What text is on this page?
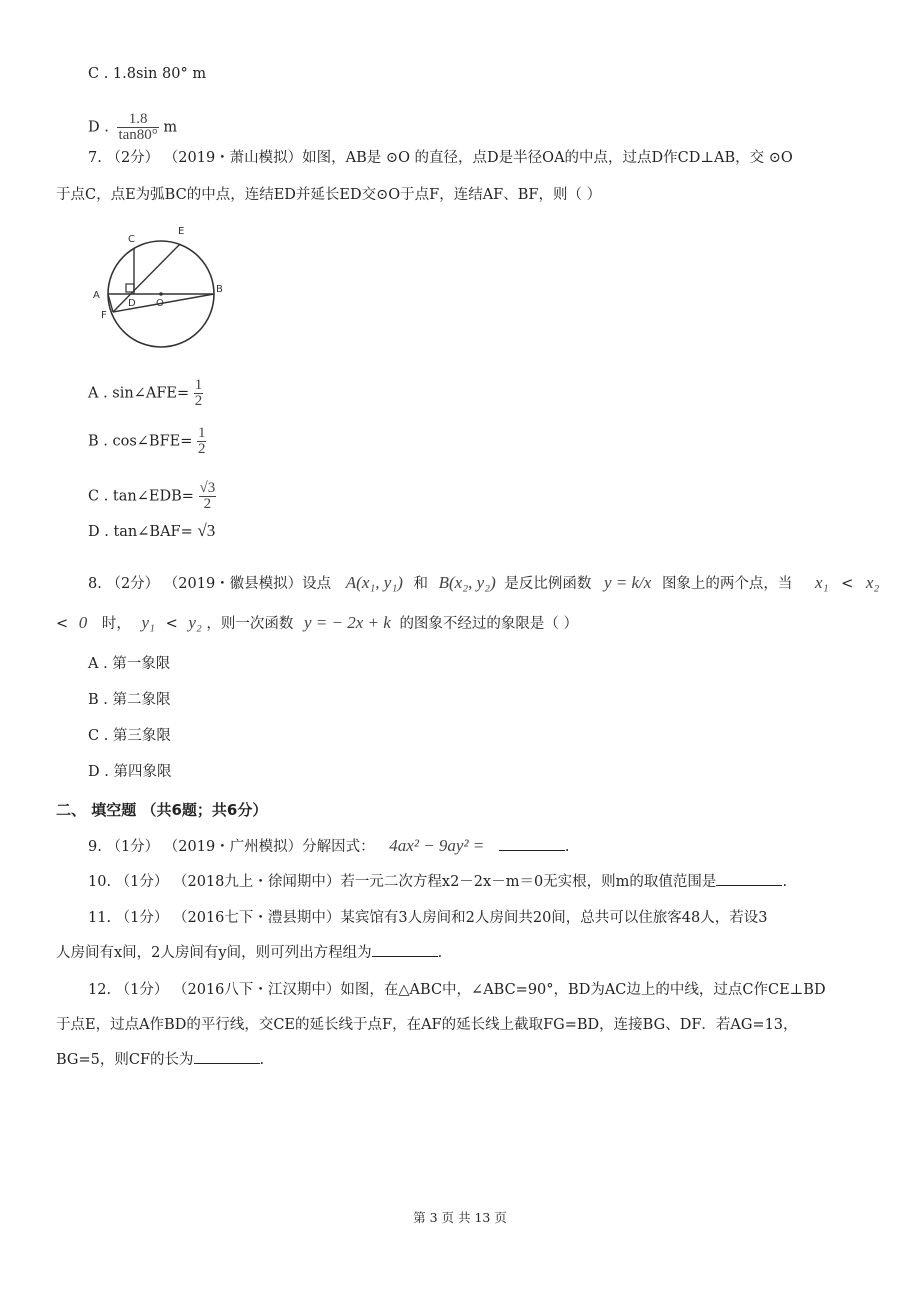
C . 1.8sin 80° m
D . $\frac{1.8}{\tan 80^\circ}$ m
7. （2分） （2019・萧山模拟）如图，AB是 ⊙O 的直径，点D是半径OA的中点，过点D作CD⊥AB，交 ⊙O
于点C，点E为弧BC的中点，连结ED并延长ED交⊙O于点F，连结AF、BF，则（ ）
A
B
C
D
E
F
O
A . sin∠AFE= $\frac{1}{2}$
B . cos∠BFE= $\frac{1}{2}$
C . tan∠EDB= $\frac{√3}{2}$
D . tan∠BAF= √3
8. （2分） （2019・徽县模拟）设点 A(x₁, y₁) 和 B(x₂, y₂) 是反比例函数 y = k/x 图象上的两个点，当 x₁ < x₂
< 0 时， y₁ < y₂ ，则一次函数 y = − 2x + k 的图象不经过的象限是（ ）
A . 第一象限
B . 第二象限
C . 第三象限
D . 第四象限
二、 填空题 （共6题；共6分）
9. （1分） （2019・广州模拟）分解因式： 4ax² − 9ay² =	.
10. （1分） （2018九上・徐闻期中）若一元二次方程x2－2x－m＝0无实根，则m的取值范围是	.
11. （1分） （2016七下・澧县期中）某宾馆有3人房间和2人房间共20间，总共可以住旅客48人，若设3
人房间有x间，2人房间有y间，则可列出方程组为	.
12. （1分） （2016八下・江汉期中）如图，在△ABC中，∠ABC=90°，BD为AC边上的中线，过点C作CE⊥BD
于点E，过点A作BD的平行线，交CE的延长线于点F，在AF的延长线上截取FG=BD，连接BG、DF．若AG=13，
BG=5，则CF的长为	.
第 3 页 共 13 页
